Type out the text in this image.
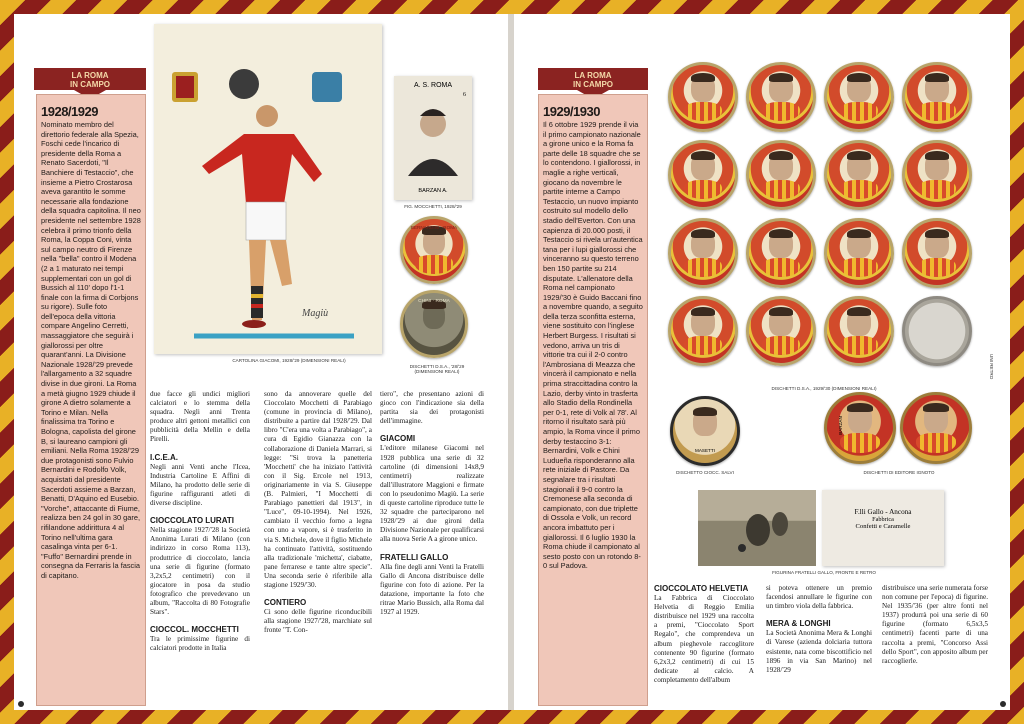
LA ROMA
IN CAMPO
1928/1929
Nominato membro del direttorio federale alla Spezia, Foschi cede l'incarico di presidente della Roma a Renato Sacerdoti, "Il Banchiere di Testaccio", che insieme a Pietro Crostarosa aveva garantito le somme necessarie alla fondazione della squadra capitolina. Il neo presidente nel settembre 1928 celebra il primo trionfo della Roma, la Coppa Coni, vinta sul campo neutro di Firenze nella "bella" contro il Modena (2 a 1 maturato nei tempi supplementari con un gol di Bussich al 110' dopo l'1-1 finale con la firma di Corbjons su rigore). Sulle foto dell'epoca della vittoria compare Angelino Cerretti, massaggiatore che seguirà i giallorossi per oltre quarant'anni. La Divisione Nazionale 1928/'29 prevede l'allargamento a 32 squadre divise in due gironi. La Roma a metà giugno 1929 chiude il girone A dietro solamente a Torino e Milan. Nella finalissima tra Torino e Bologna, capolista del girone B, si laureano campioni gli emiliani. Nella Roma 1928/'29 due protagonisti sono Fulvio Bernardini e Rodolfo Volk, acquistati dal presidente Sacerdoti assieme a Barzan, Benatti, D'Aquino ed Eusebio. "Vorche", attaccante di Fiume, realizza ben 24 gol in 30 gare, rifilandone addirittura 4 al Torino nell'ultima gara casalinga vinta per 6-1. "Fuffo" Bernardini prende in consegna da Ferraris la fascia di capitano.
Magiù
CARTOLINA GIACOMI, 1928/'29 (DIMENSIONI REALI)
A. S. ROMA
6
BARZAN A.
FIG. MOCCHETTI, 1928/'29
BERNARDINI · ROMA
CHINI · ROMA
DISCHETTI D.S.A., '28/'29
(DIMENSIONI REALI)

due facce gli undici migliori calciatori e lo stemma della squadra. Negli anni Trenta produce altri gettoni metallici con pubblicità della Mellin e della Pirelli.

I.C.E.A.

Negli anni Venti anche l'Icea, Industria Cartoline E Affini di Milano, ha prodotto delle serie di figurine raffiguranti atleti di diverse discipline.

CIOCCOLATO LURATI

Nella stagione 1927/'28 la Società Anonima Lurati di Milano (con indirizzo in corso Roma 113), produttrice di cioccolato, lancia una serie di figurine (formato 3,2x5,2 centimetri) con il giocatore in posa da studio fotografico che prevedevano un album, "Raccolta di 80 Fotografie Stars".

CIOCCOL. MOCCHETTI

Tra le primissime figurine di calciatori prodotte in Italia

sono da annoverare quelle del Cioccolato Mocchetti di Parabiago (comune in provincia di Milano), distribuite a partire dal 1928/'29. Dal libro "C'era una volta a Parabiago", a cura di Egidio Gianazza con la collaborazione di Daniela Marrari, si legge: "Si trova la panetteria 'Mocchetti' che ha iniziato l'attività con il Sig. Ercole nel 1913, originariamente in via S. Giuseppe (B. Palmieri, "I Mocchetti di Parabiago panettieri dal 1913", in "Luce", 09-10-1994). Nel 1926, cambiato il vecchio forno a legna con uno a vapore, si è trasferito in via S. Michele, dove il figlio Michele ha continuato l'attività, sostituendo alla tradizionale 'michetta', ciabatte, pane ferrarese e tante altre specie". Una seconda serie è riferibile alla stagione 1929/'30.

CONTIERO

Ci sono delle figurine riconducibili alla stagione 1927/'28, marchiate sul fronte "T. Con-

tiero", che presentano azioni di gioco con l'indicazione sia della partita sia dei protagonisti dell'immagine.

GIACOMI

L'editore milanese Giacomi nel 1928 pubblica una serie di 32 cartoline (di dimensioni 14x8,9 centimetri) realizzate dall'illustratore Maggioni e firmate con lo pseudonimo Magiù. La serie di queste cartoline riproduce tutte le 32 squadre che parteciparono nel 1928/'29 ai due gironi della Divisione Nazionale per qualificarsi alla nuova Serie A a girone unico.

FRATELLI GALLO

Alla fine degli anni Venti la Fratelli Gallo di Ancona distribuisce delle figurine con foto di azione. Per la datazione, importante la foto che ritrae Mario Bussich, alla Roma dal 1927 al 1929.

LA ROMA
IN CAMPO
1929/1930
Il 6 ottobre 1929 prende il via il primo campionato nazionale a girone unico e la Roma fa parte delle 18 squadre che se lo contendono. I giallorossi, in maglie a righe verticali, giocano da novembre le partite interne a Campo Testaccio, un nuovo impianto costruito sul modello dello stadio dell'Everton. Con una capienza di 20.000 posti, il Testaccio si rivela un'autentica tana per i lupi giallorossi che vinceranno su questo terreno ben 150 partite su 214 disputate. L'allenatore della Roma nel campionato 1929/'30 è Guido Baccani fino a novembre quando, a seguito della terza sconfitta esterna, viene sostituito con l'inglese Herbert Burgess. I risultati si vedono, arriva un tris di vittorie tra cui il 2-0 contro l'Ambrosiana di Meazza che vincerà il campionato e nella prima straccittadina contro la Lazio, derby vinto in trasferta allo Stadio della Rondinella per 0-1, rete di Volk al 78'. Al ritorno il risultato sarà più ampio, la Roma vince il primo derby testaccino 3-1: Bernardini, Volk e Chini Ludueña risponderanno alla rete iniziale di Pastore. Da segnalare tra i risultati stagionali il 9-0 contro la Cremonese alla seconda di campionato, con due triplette di Ossola e Volk, un record ancora imbattuto per i giallorossi. Il 6 luglio 1930 la Roma chiude il campionato al sesto posto con un rotondo 8-0 sul Padova.
DISCHETTI D.S.A., 1929/'30 (DIMENSIONI REALI)
UNI RETRO
MASETTI
DISCHETTO CIOCC. SALVI
BARZAN
DISCHETTI DI EDITORE IGNOTO
F.lli Gallo - Ancona
Fabbrica
Confetti e Caramelle
FIGURINA FRATELLI GALLO, FRONTE E RETRO
CIOCCOLATO HELVETIA

La Fabbrica di Cioccolato Helvetia di Reggio Emilia distribuisce nel 1929 una raccolta a premi, "Cioccolato Sport Regalo", che comprendeva un album pieghevole raccoglitore contenente 90 figurine (formato 6,2x3,2 centimetri) di cui 15 dedicate al calcio. A completamento dell'album

si poteva ottenere un premio facendosi annullare le figurine con un timbro viola della fabbrica.

MERA & LONGHI

La Società Anonima Mera & Longhi di Varese (azienda dolciaria tuttora esistente, nata come biscottificio nel 1896 in via San Marino) nel 1928/'29

distribuisce una serie numerata forse non comune per l'epoca) di figurine. Nel 1935/'36 (per altre fonti nel 1937) produrrà poi una serie di 60 figurine (formato 6,5x3,5 centimetri) facenti parte di una raccolta a premi, "Concorso Assi dello Sport", con apposito album per raccoglierle.
